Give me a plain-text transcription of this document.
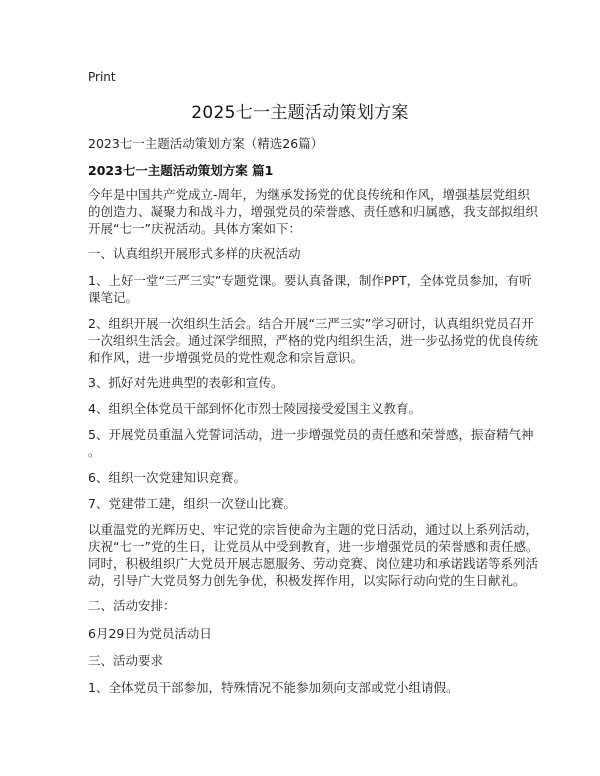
Print
2025七一主题活动策划方案
2023七一主题活动策划方案（精选26篇）
2023七一主题活动策划方案 篇1

今年是中国共产党成立-周年，为继承发扬党的优良传统和作风，增强基层党组织
的创造力、凝聚力和战斗力，增强党员的荣誉感、责任感和归属感，我支部拟组织
开展“七一”庆祝活动。具体方案如下：

一、认真组织开展形式多样的庆祝活动

1、上好一堂“三严三实”专题党课。要认真备课，制作PPT，全体党员参加，有听
课笔记。

2、组织开展一次组织生活会。结合开展“三严三实”学习研讨，认真组织党员召开
一次组织生活会。通过深学细照，严格的党内组织生活，进一步弘扬党的优良传统
和作风，进一步增强党员的党性观念和宗旨意识。

3、抓好对先进典型的表彰和宣传。

4、组织全体党员干部到怀化市烈士陵园接受爱国主义教育。

5、开展党员重温入党誓词活动，进一步增强党员的责任感和荣誉感，振奋精气神
。

6、组织一次党建知识竞赛。

7、党建带工建，组织一次登山比赛。

以重温党的光辉历史、牢记党的宗旨使命为主题的党日活动，通过以上系列活动，
庆祝“七一”党的生日，让党员从中受到教育，进一步增强党员的荣誉感和责任感。
同时，积极组织广大党员开展志愿服务、劳动竞赛、岗位建功和承诺践诺等系列活
动，引导广大党员努力创先争优，积极发挥作用，以实际行动向党的生日献礼。

二、活动安排：

6月29日为党员活动日

三、活动要求

1、全体党员干部参加，特殊情况不能参加须向支部或党小组请假。
